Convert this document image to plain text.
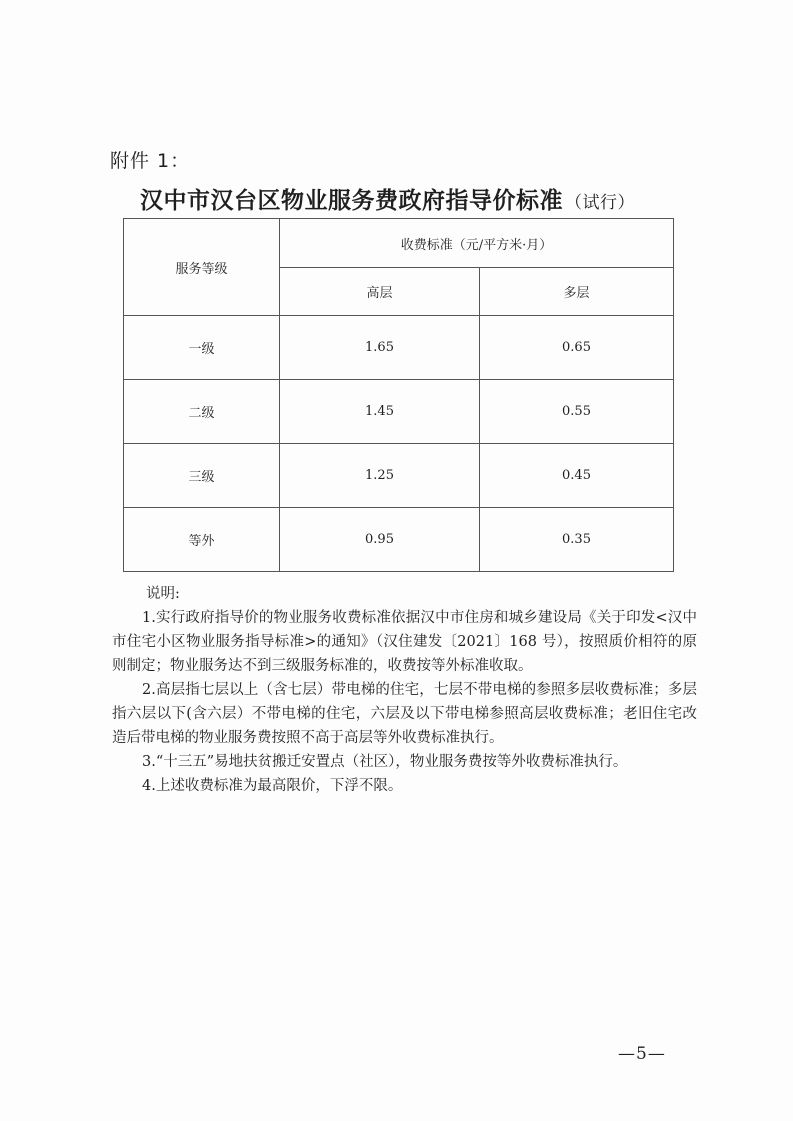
附件 1：
汉中市汉台区物业服务费政府指导价标准 （试行）
服务等级	收费标准（元/平方米·月）	
	高层	多层
一级	1.65	0.65
二级	1.45	0.55
三级	1.25	0.45
等外	0.95	0.35
说明:

1.实行政府指导价的物业服务收费标准依据汉中市住房和城乡建设局《关于印发<汉中市住宅小区物业服务指导标准>的通知》（汉住建发〔2021〕168 号），按照质价相符的原则制定；物业服务达不到三级服务标准的，收费按等外标准收取。

2.高层指七层以上（含七层）带电梯的住宅，七层不带电梯的参照多层收费标准；多层指六层以下(含六层）不带电梯的住宅，六层及以下带电梯参照高层收费标准；老旧住宅改造后带电梯的物业服务费按照不高于高层等外收费标准执行。

3.“十三五”易地扶贫搬迁安置点（社区），物业服务费按等外收费标准执行。

4.上述收费标准为最高限价，下浮不限。

—5—
